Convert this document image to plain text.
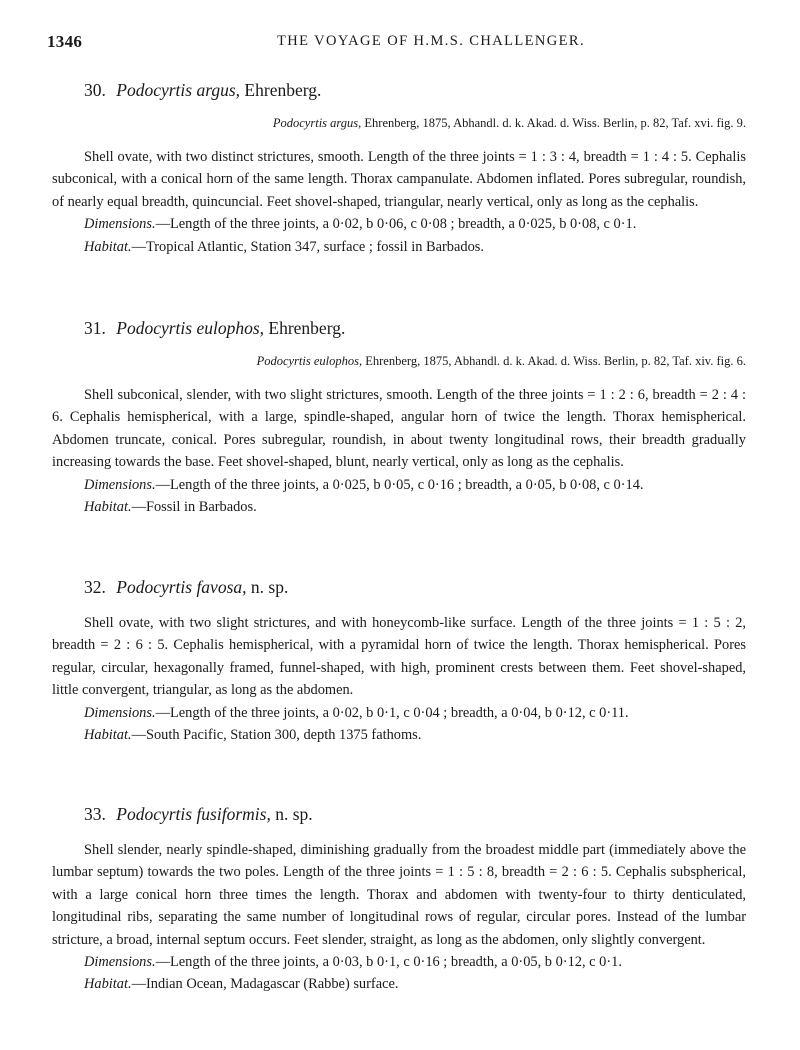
1346	THE VOYAGE OF H.M.S. CHALLENGER.
30. Podocyrtis argus, Ehrenberg.

Podocyrtis argus, Ehrenberg, 1875, Abhandl. d. k. Akad. d. Wiss. Berlin, p. 82, Taf. xvi. fig. 9.

Shell ovate, with two distinct strictures, smooth. Length of the three joints = 1 : 3 : 4, breadth = 1 : 4 : 5. Cephalis subconical, with a conical horn of the same length. Thorax campanulate. Abdomen inflated. Pores subregular, roundish, of nearly equal breadth, quincuncial. Feet shovel-shaped, triangular, nearly vertical, only as long as the cephalis.

Dimensions.—Length of the three joints, a 0·02, b 0·06, c 0·08 ; breadth, a 0·025, b 0·08, c 0·1.

Habitat.—Tropical Atlantic, Station 347, surface ; fossil in Barbados.

31. Podocyrtis eulophos, Ehrenberg.

Podocyrtis eulophos, Ehrenberg, 1875, Abhandl. d. k. Akad. d. Wiss. Berlin, p. 82, Taf. xiv. fig. 6.

Shell subconical, slender, with two slight strictures, smooth. Length of the three joints = 1 : 2 : 6, breadth = 2 : 4 : 6. Cephalis hemispherical, with a large, spindle-shaped, angular horn of twice the length. Thorax hemispherical. Abdomen truncate, conical. Pores subregular, roundish, in about twenty longitudinal rows, their breadth gradually increasing towards the base. Feet shovel-shaped, blunt, nearly vertical, only as long as the cephalis.

Dimensions.—Length of the three joints, a 0·025, b 0·05, c 0·16 ; breadth, a 0·05, b 0·08, c 0·14.

Habitat.—Fossil in Barbados.

32. Podocyrtis favosa, n. sp.

Shell ovate, with two slight strictures, and with honeycomb-like surface. Length of the three joints = 1 : 5 : 2, breadth = 2 : 6 : 5. Cephalis hemispherical, with a pyramidal horn of twice the length. Thorax hemispherical. Pores regular, circular, hexagonally framed, funnel-shaped, with high, prominent crests between them. Feet shovel-shaped, little convergent, triangular, as long as the abdomen.

Dimensions.—Length of the three joints, a 0·02, b 0·1, c 0·04 ; breadth, a 0·04, b 0·12, c 0·11.

Habitat.—South Pacific, Station 300, depth 1375 fathoms.

33. Podocyrtis fusiformis, n. sp.

Shell slender, nearly spindle-shaped, diminishing gradually from the broadest middle part (immediately above the lumbar septum) towards the two poles. Length of the three joints = 1 : 5 : 8, breadth = 2 : 6 : 5. Cephalis subspherical, with a large conical horn three times the length. Thorax and abdomen with twenty-four to thirty denticulated, longitudinal ribs, separating the same number of longitudinal rows of regular, circular pores. Instead of the lumbar stricture, a broad, internal septum occurs. Feet slender, straight, as long as the abdomen, only slightly convergent.

Dimensions.—Length of the three joints, a 0·03, b 0·1, c 0·16 ; breadth, a 0·05, b 0·12, c 0·1.

Habitat.—Indian Ocean, Madagascar (Rabbe) surface.
